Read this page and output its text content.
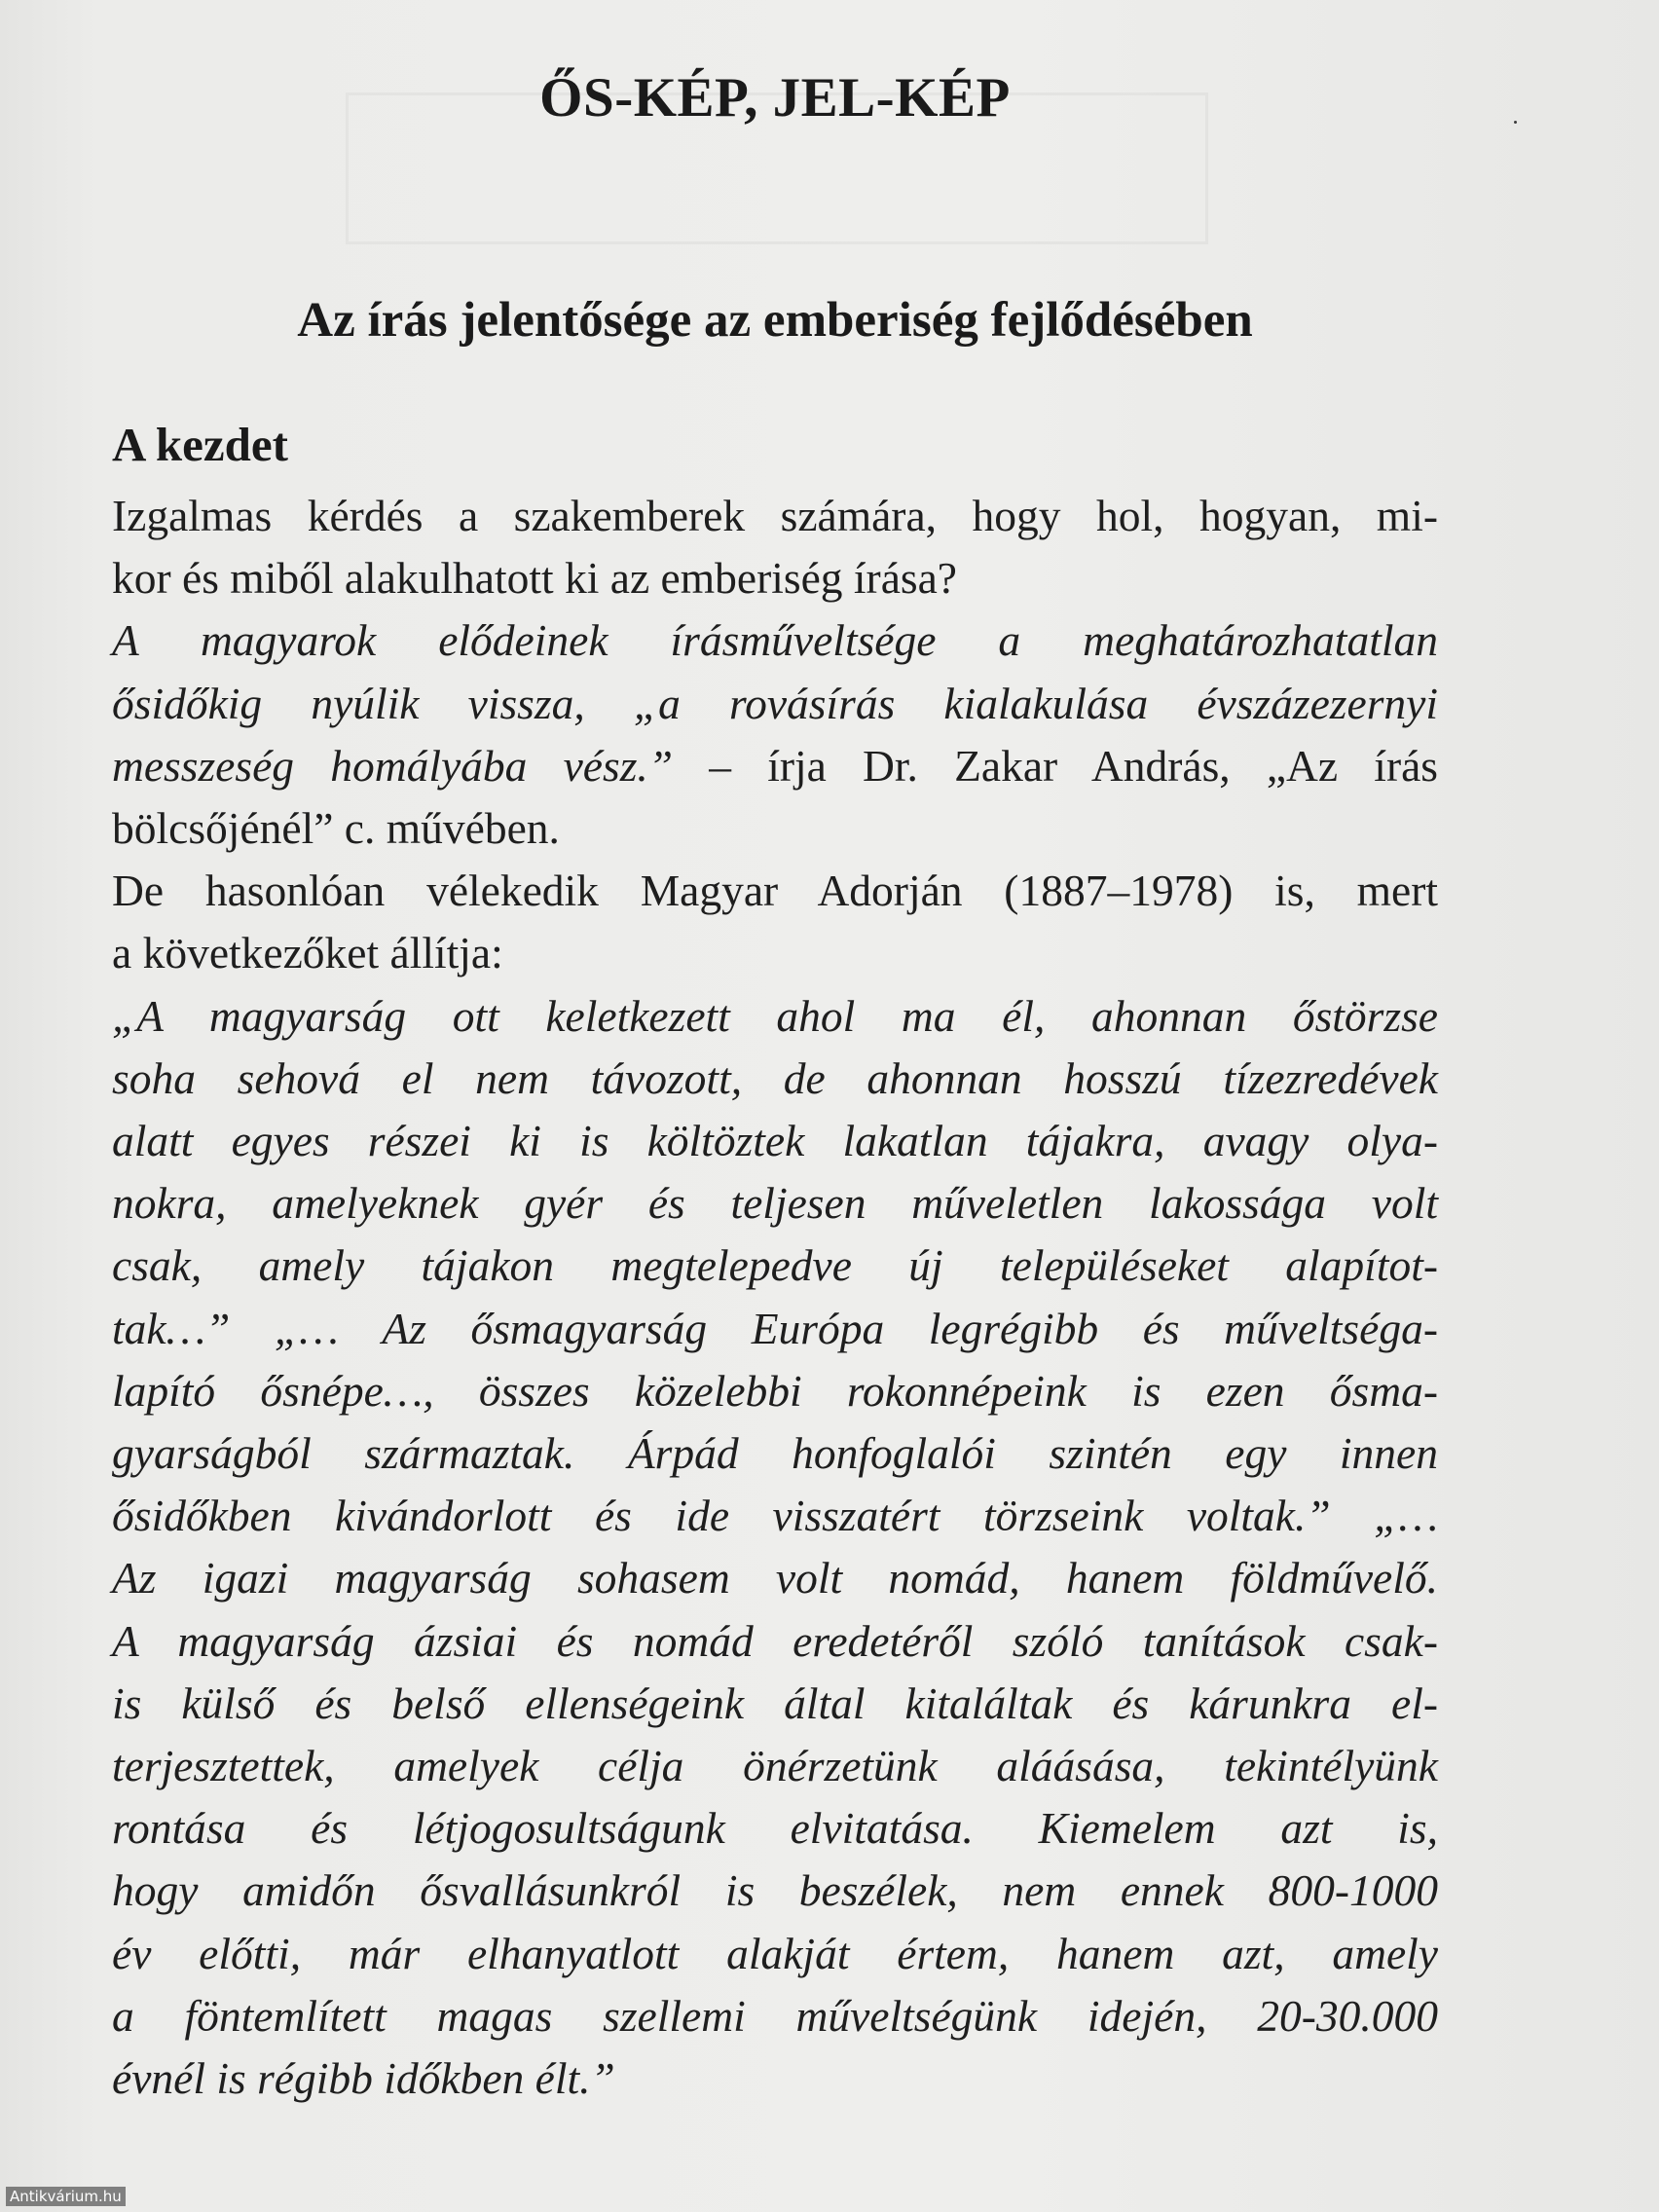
ŐS-KÉP, JEL-KÉP
Az írás jelentősége az emberiség fejlődésében
A kezdet
Izgalmas kérdés a szakemberek számára, hogy hol, hogyan, mi-
kor és miből alakulhatott ki az emberiség írása?
A magyarok elődeinek írásműveltsége a meghatározhatatlan
ősidőkig nyúlik vissza, „a rovásírás kialakulása évszázezernyi
messzeség homályába vész.” – írja Dr. Zakar András, „Az írás
bölcsőjénél” c. művében.
De hasonlóan vélekedik Magyar Adorján (1887–1978) is, mert
a következőket állítja:
„A magyarság ott keletkezett ahol ma él, ahonnan őstörzse
soha sehová el nem távozott, de ahonnan hosszú tízezredévek
alatt egyes részei ki is költöztek lakatlan tájakra, avagy olya-
nokra, amelyeknek gyér és teljesen műveletlen lakossága volt
csak, amely tájakon megtelepedve új településeket alapítot-
tak…” „… Az ősmagyarság Európa legrégibb és műveltséga-
lapító ősnépe…, összes közelebbi rokonnépeink is ezen ősma-
gyarságból származtak. Árpád honfoglalói szintén egy innen
ősidőkben kivándorlott és ide visszatért törzseink voltak.” „…
Az igazi magyarság sohasem volt nomád, hanem földművelő.
A magyarság ázsiai és nomád eredetéről szóló tanítások csak-
is külső és belső ellenségeink által kitaláltak és kárunkra el-
terjesztettek, amelyek célja önérzetünk aláásása, tekintélyünk
rontása és létjogosultságunk elvitatása. Kiemelem azt is,
hogy amidőn ősvallásunkról is beszélek, nem ennek 800-1000
év előtti, már elhanyatlott alakját értem, hanem azt, amely
a föntemlített magas szellemi műveltségünk idején, 20-30.000
évnél is régibb időkben élt.”
Antikvárium.hu
